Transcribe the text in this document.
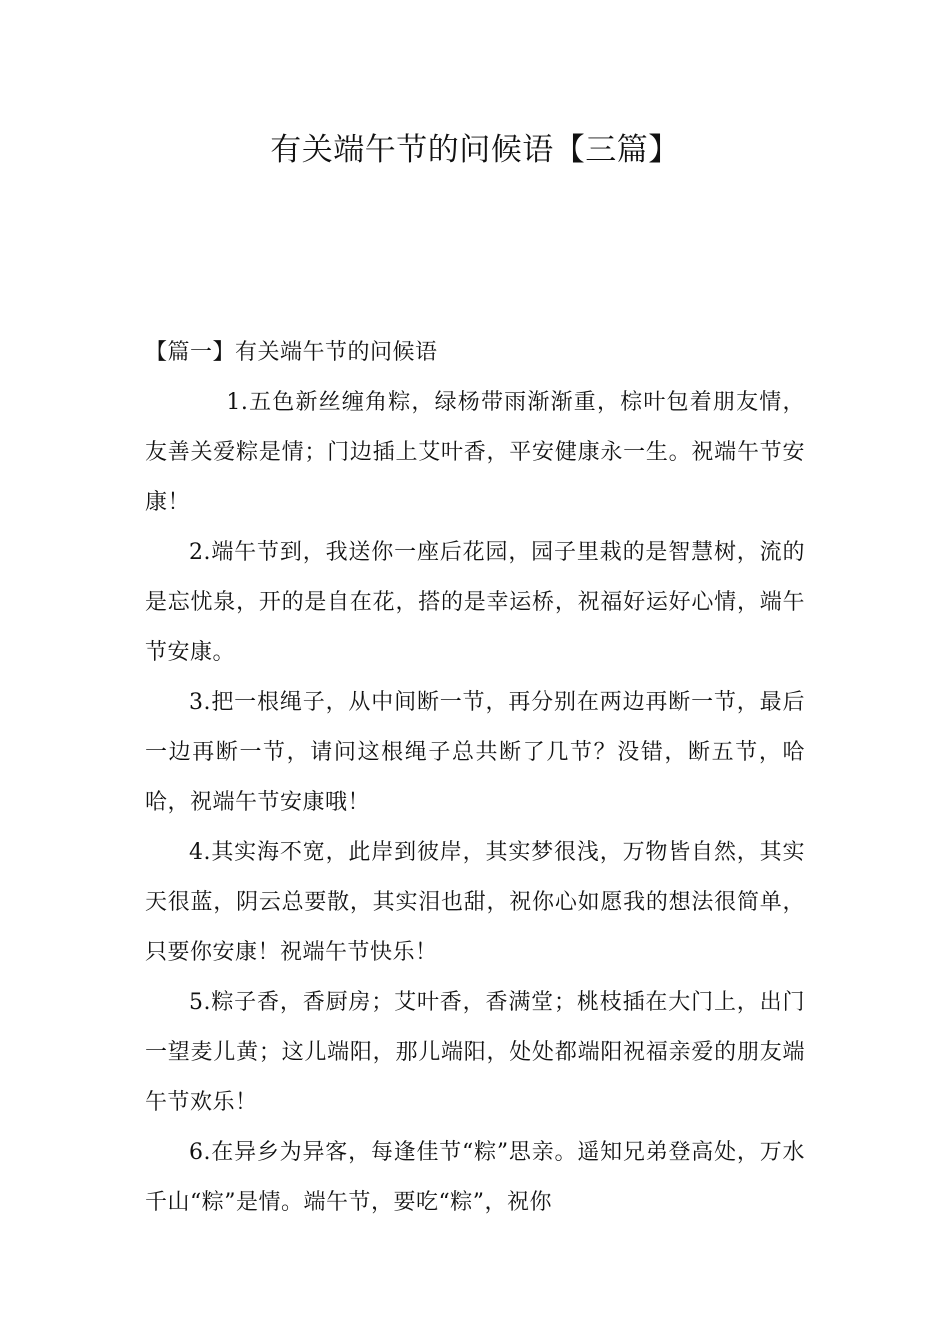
有关端午节的问候语【三篇】
【篇一】有关端午节的问候语

1.五色新丝缠角粽，绿杨带雨渐渐重，棕叶包着朋友情，友善关爱粽是情；门边插上艾叶香，平安健康永一生。祝端午节安康！

2.端午节到，我送你一座后花园，园子里栽的是智慧树，流的是忘忧泉，开的是自在花，搭的是幸运桥，祝福好运好心情，端午节安康。

3.把一根绳子，从中间断一节，再分别在两边再断一节，最后一边再断一节，请问这根绳子总共断了几节？没错，断五节，哈哈，祝端午节安康哦！

4.其实海不宽，此岸到彼岸，其实梦很浅，万物皆自然，其实天很蓝，阴云总要散，其实泪也甜，祝你心如愿我的想法很简单，只要你安康！祝端午节快乐！

5.粽子香，香厨房；艾叶香，香满堂；桃枝插在大门上，出门一望麦儿黄；这儿端阳，那儿端阳，处处都端阳祝福亲爱的朋友端午节欢乐！

6.在异乡为异客，每逢佳节“粽”思亲。遥知兄弟登高处，万水千山“粽”是情。端午节，要吃“粽”，祝你
